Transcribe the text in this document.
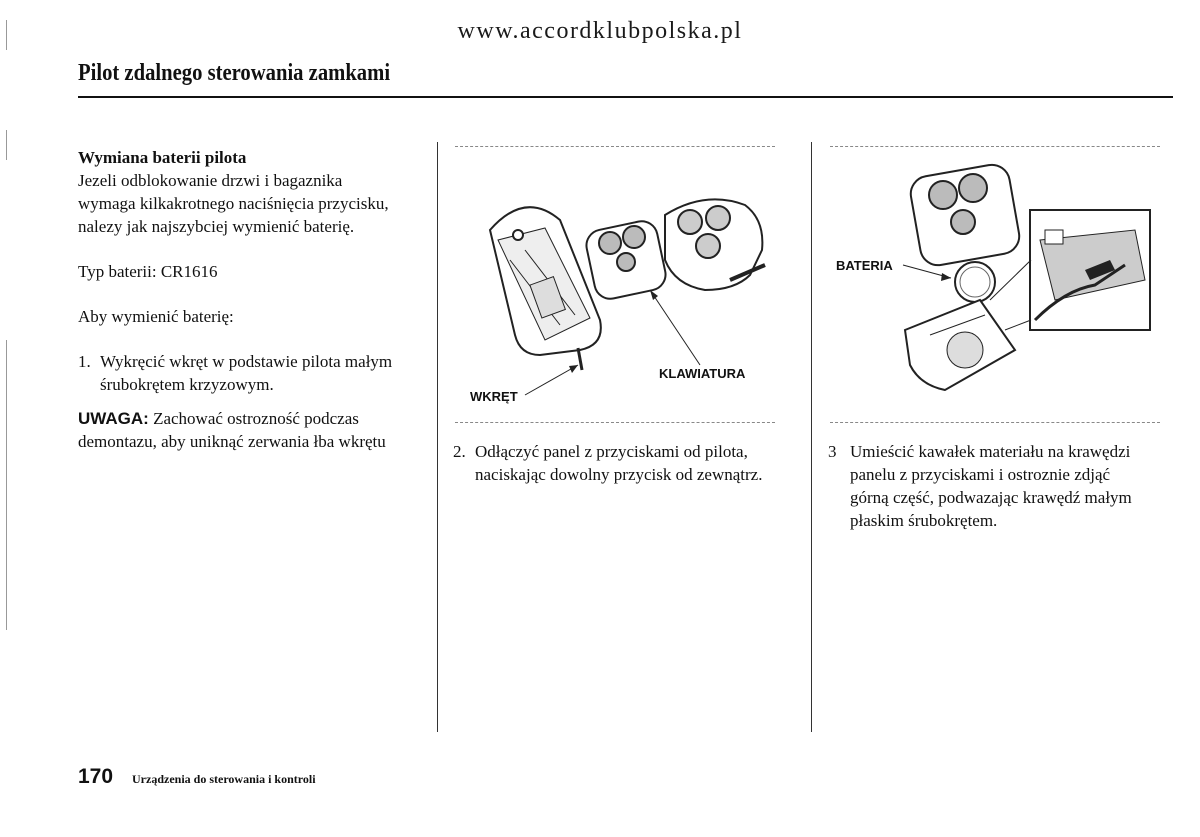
www.accordklubpolska.pl
Pilot zdalnego sterowania zamkami

Wymiana baterii pilota

Jezeli odblokowanie drzwi i bagaznika

wymaga kilkakrotnego naciśnięcia przycisku,

nalezy jak najszybciej wymienić baterię.

Typ baterii: CR1616

Aby wymienić baterię:

1. Wykręcić wkręt w podstawie pilota małym

śrubokrętem krzyzowym.

UWAGA: Zachować ostrozność podczas

demontazu, aby uniknąć zerwania łba wkrętu

KLAWIATURA
WKRĘT
2. Odłączyć panel z przyciskami od pilota,

naciskając dowolny przycisk od zewnątrz.

BATERIA
3 Umieścić kawałek materiału na krawędzi

panelu z przyciskami i ostroznie zdjąć

górną część, podwazając krawędź małym

płaskim śrubokrętem.

170 Urządzenia do sterowania i kontroli
